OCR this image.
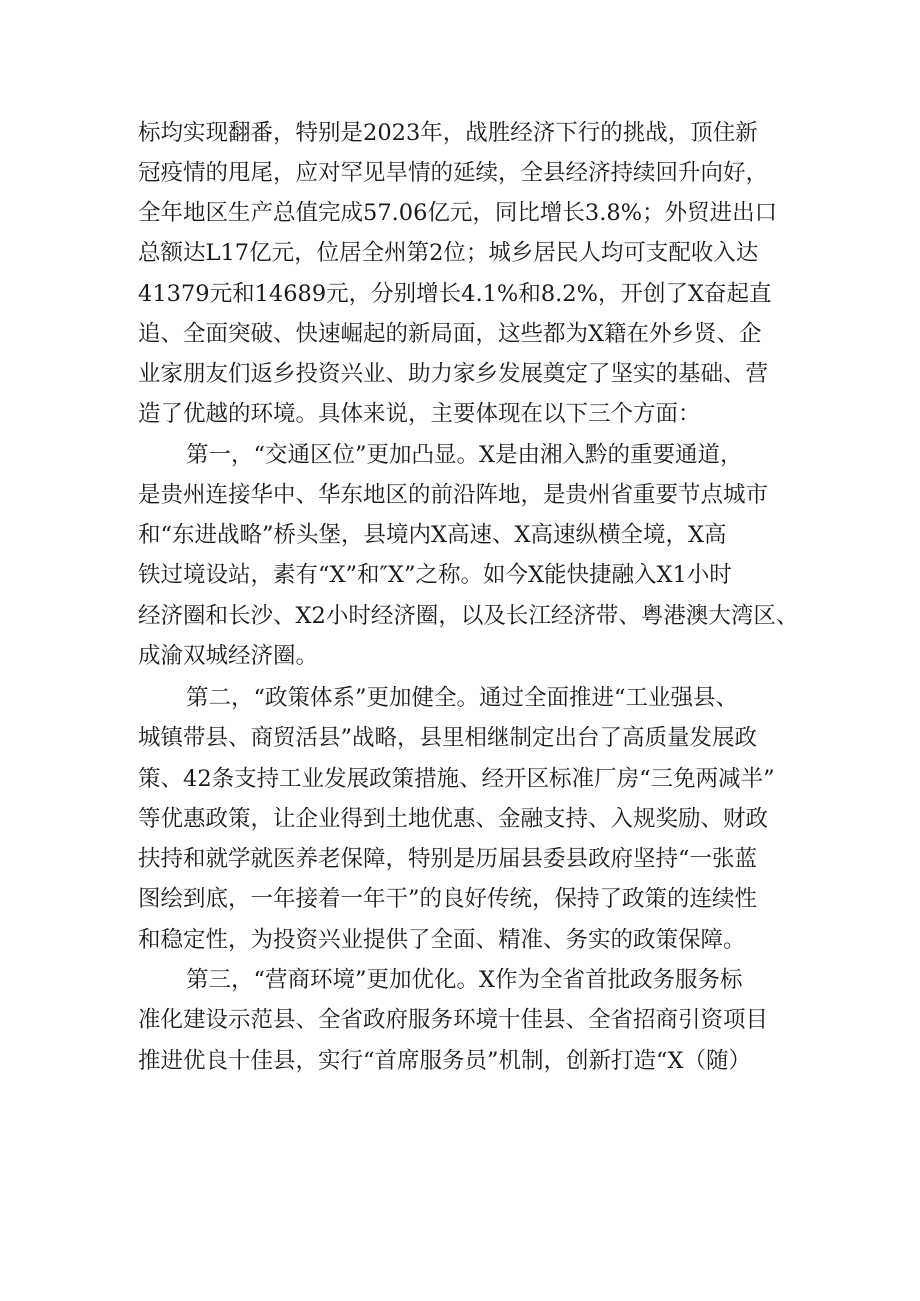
标均实现翻番，特别是2023年，战胜经济下行的挑战，顶住新
冠疫情的甩尾，应对罕见旱情的延续，全县经济持续回升向好，
全年地区生产总值完成57.06亿元，同比增长3.8%；外贸进出口
总额达L17亿元，位居全州第2位；城乡居民人均可支配收入达
41379元和14689元，分别增长4.1%和8.2%，开创了X奋起直
追、全面突破、快速崛起的新局面，这些都为X籍在外乡贤、企
业家朋友们返乡投资兴业、助力家乡发展奠定了坚实的基础、营
造了优越的环境。具体来说，主要体现在以下三个方面：
第一，“交通区位”更加凸显。X是由湘入黔的重要通道，
是贵州连接华中、华东地区的前沿阵地，是贵州省重要节点城市
和“东进战略”桥头堡，县境内X高速、X高速纵横全境，X高
铁过境设站，素有“X”和″X”之称。如今X能快捷融入X1小时
经济圈和长沙、X2小时经济圈，以及长江经济带、粤港澳大湾区、
成渝双城经济圈。
第二，“政策体系”更加健全。通过全面推进“工业强县、
城镇带县、商贸活县”战略，县里相继制定出台了高质量发展政
策、42条支持工业发展政策措施、经开区标准厂房“三免两减半”
等优惠政策，让企业得到土地优惠、金融支持、入规奖励、财政
扶持和就学就医养老保障，特别是历届县委县政府坚持“一张蓝
图绘到底，一年接着一年干”的良好传统，保持了政策的连续性
和稳定性，为投资兴业提供了全面、精准、务实的政策保障。
第三，“营商环境”更加优化。X作为全省首批政务服务标
准化建设示范县、全省政府服务环境十佳县、全省招商引资项目
推进优良十佳县，实行“首席服务员”机制，创新打造“X（随）
